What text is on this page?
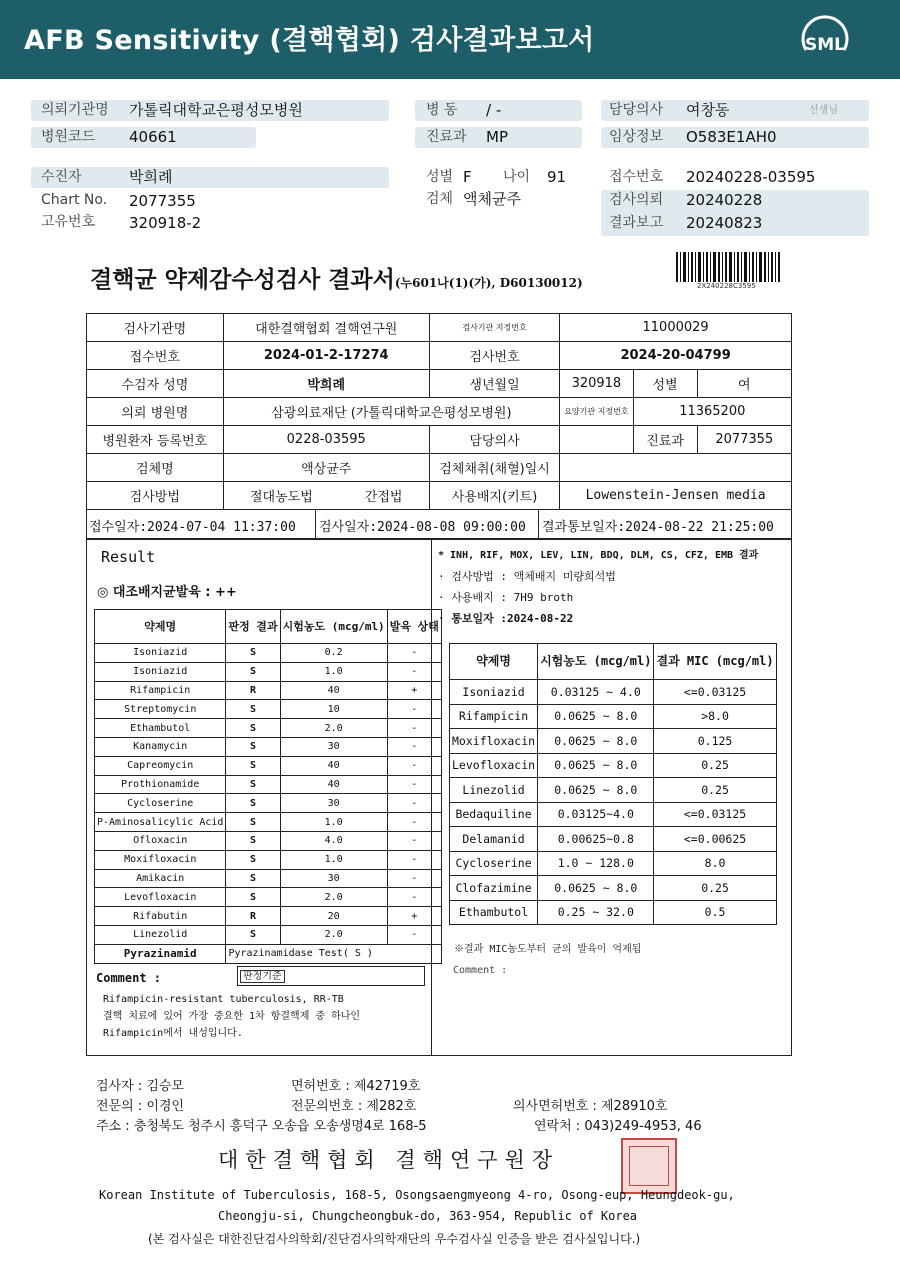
AFB Sensitivity (결핵협회) 검사결과보고서	SML
의뢰기관명 가톨릭대학교은평성모병원
병원코드 40661
병 동 / -
진료과 MP
담당의사 여창동	선생님
임상정보 O583E1AH0
수진자	박희례
Chart No. 2077355
고유번호 320918-2
성별 F 나이 91
검체 액체균주
접수번호 20240228-03595
검사의뢰 20240228
결과보고 20240823
결핵균 약제감수성검사 결과서(누601나(1)(가), D60130012)	2X240228C3595
검사기관명	대한결핵협회 결핵연구원	검사기관 지정번호	11000029		
접수번호	2024-01-2-17274	검사번호	2024-20-04799		
수검자 성명	박희례	생년월일	320918	성별	여
의뢰 병원명	삼광의료재단 (가톨릭대학교은평성모병원)		요양기관 지정번호	11365200	
병원환자 등록번호	0228-03595	담당의사		진료과	2077355
검체명	액상균주	검체채취(채혈)일시			
검사방법	절대농도법 간접법	사용배지(키트)	Lowenstein-Jensen media		
접수일자:2024-07-04 11:37:00 검사일자:2024-08-08 09:00:00 결과통보일자:2024-08-22 21:25:00
Result
◎ 대조배지균발육 : ++
약제명	판정 결과	시험농도 (mcg/ml)	발육 상태
Isoniazid	S	0.2	-
Isoniazid	S	1.0	-
Rifampicin	R	40	+
Streptomycin	S	10	-
Ethambutol	S	2.0	-
Kanamycin	S	30	-
Capreomycin	S	40	-
Prothionamide	S	40	-
Cycloserine	S	30	-
P-Aminosalicylic Acid	S	1.0	-
Ofloxacin	S	4.0	-
Moxifloxacin	S	1.0	-
Amikacin	S	30	-
Levofloxacin	S	2.0	-
Rifabutin	R	20	+
Linezolid	S	2.0	-
Pyrazinamid	Pyrazinamidase Test( S )		
Comment :	판정기준
Rifampicin-resistant tuberculosis, RR-TB
결핵 치료에 있어 가장 중요한 1차 항결핵제 중 하나인
Rifampicin에서 내성입니다.
* INH, RIF, MOX, LEV, LIN, BDQ, DLM, CS, CFZ, EMB 결과
· 검사방법 : 액체배지 미량희석법
· 사용배지 : 7H9 broth
· 통보일자 :2024-08-22
약제명	시험농도 (mcg/ml)	결과 MIC (mcg/ml)
Isoniazid	0.03125 ~ 4.0	<=0.03125
Rifampicin	0.0625 ~ 8.0	>8.0
Moxifloxacin	0.0625 ~ 8.0	0.125
Levofloxacin	0.0625 ~ 8.0	0.25
Linezolid	0.0625 ~ 8.0	0.25
Bedaquiline	0.03125~4.0	<=0.03125
Delamanid	0.00625~0.8	<=0.00625
Cycloserine	1.0 ~ 128.0	8.0
Clofazimine	0.0625 ~ 8.0	0.25
Ethambutol	0.25 ~ 32.0	0.5
※결과 MIC농도부터 균의 발육이 억제됨
Comment :
검사자 : 김승모	면허번호 : 제42719호
전문의 : 이경인	전문의번호 : 제282호	의사면허번호 : 제28910호
주소 : 충청북도 청주시 흥덕구 오송읍 오송생명4로 168-5	연락처 : 043)249-4953, 46
대한결핵협회 결핵연구원장
Korean Institute of Tuberculosis, 168-5, Osongsaengmyeong 4-ro, Osong-eup, Heungdeok-gu,
Cheongju-si, Chungcheongbuk-do, 363-954, Republic of Korea
(본 검사실은 대한진단검사의학회/진단검사의학재단의 우수검사실 인증을 받은 검사실입니다.)
